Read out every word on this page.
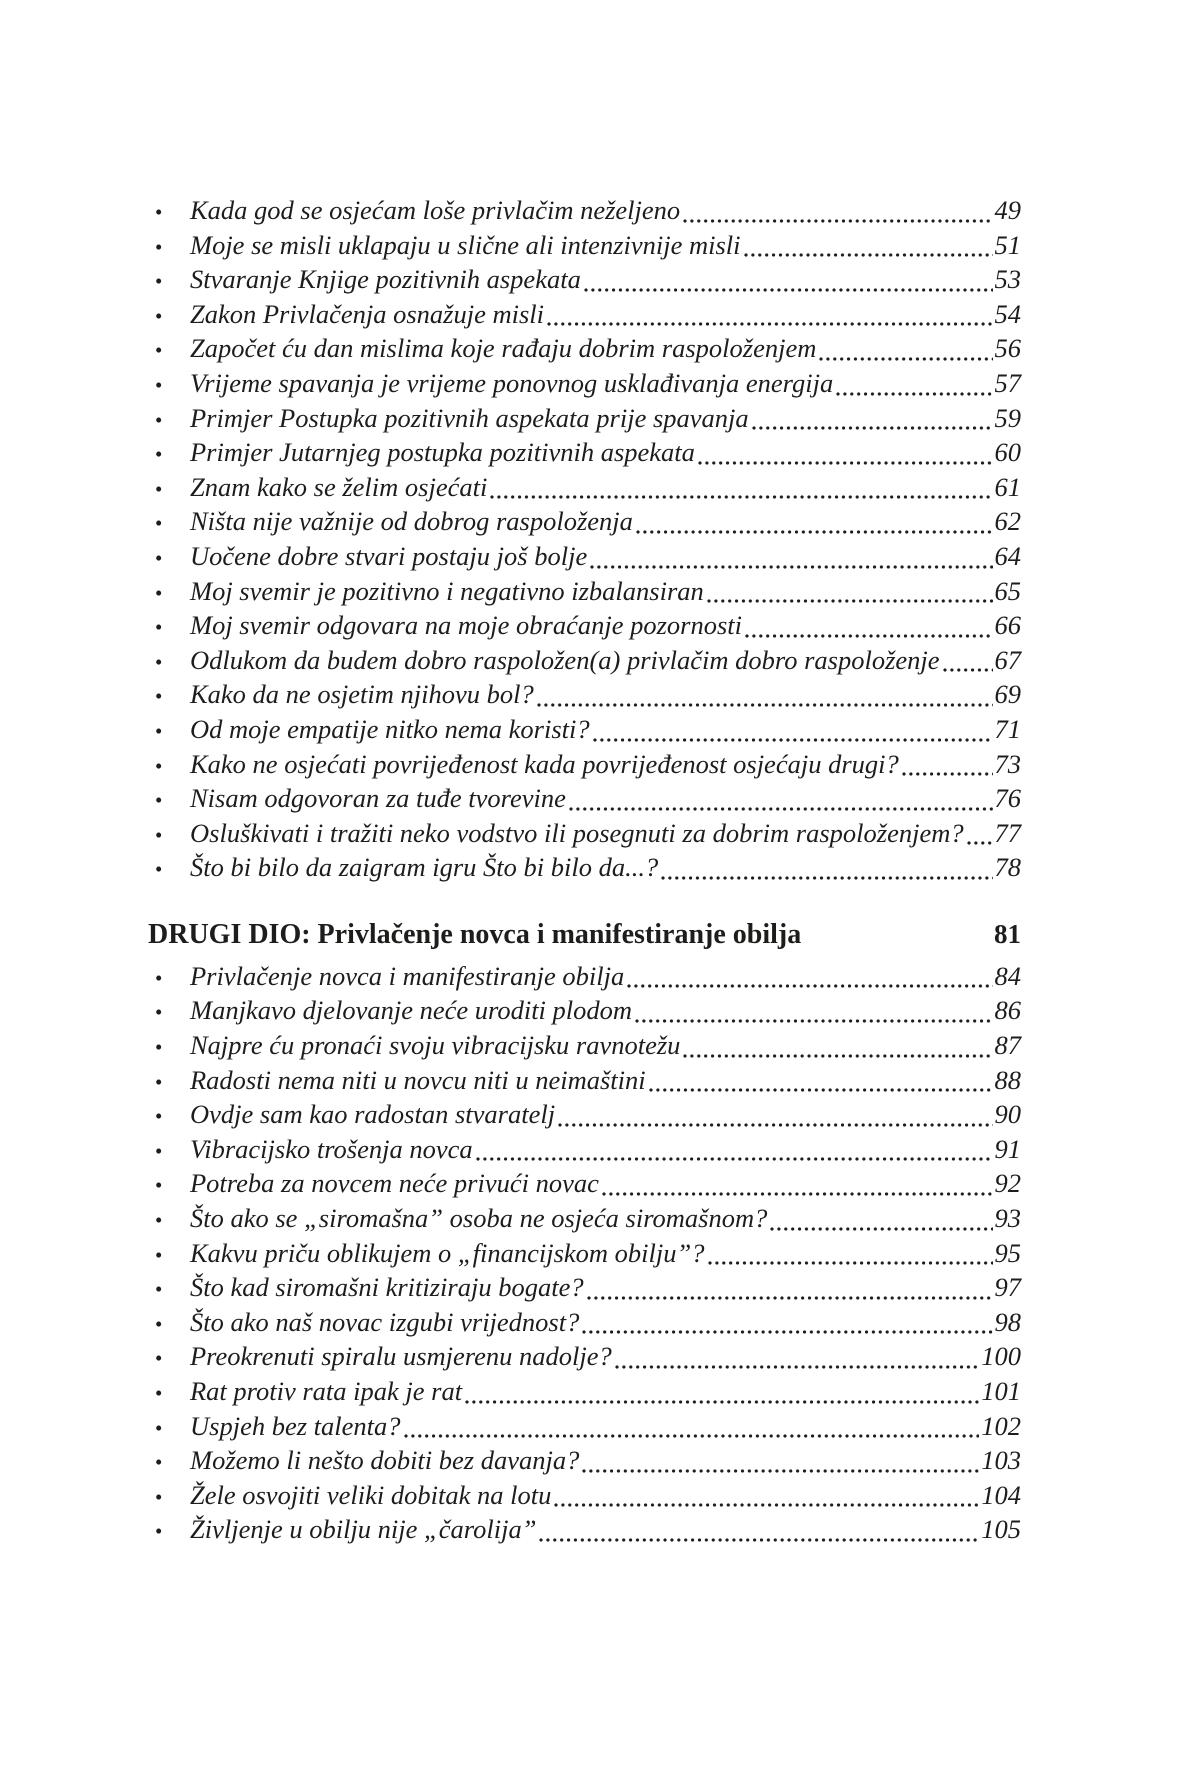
•	Kada god se osjećam loše privlačim neželjeno	49
•	Moje se misli uklapaju u slične ali intenzivnije misli	51
•	Stvaranje Knjige pozitivnih aspekata	53
•	Zakon Privlačenja osnažuje misli	54
•	Započet ću dan mislima koje rađaju dobrim raspoloženjem	56
•	Vrijeme spavanja je vrijeme ponovnog usklađivanja energija	57
•	Primjer Postupka pozitivnih aspekata prije spavanja	59
•	Primjer Jutarnjeg postupka pozitivnih aspekata	60
•	Znam kako se želim osjećati	61
•	Ništa nije važnije od dobrog raspoloženja	62
•	Uočene dobre stvari postaju još bolje	64
•	Moj svemir je pozitivno i negativno izbalansiran	65
•	Moj svemir odgovara na moje obraćanje pozornosti	66
•	Odlukom da budem dobro raspoložen(a) privlačim dobro raspoloženje 67
•	Kako da ne osjetim njihovu bol?	69
•	Od moje empatije nitko nema koristi?	71
•	Kako ne osjećati povrijeđenost kada povrijeđenost osjećaju drugi?	73
•	Nisam odgovoran za tuđe tvorevine	76
•	Osluškivati i tražiti neko vodstvo ili posegnuti za dobrim raspoloženjem? 77
•	Što bi bilo da zaigram igru Što bi bilo da...?	78
DRUGI DIO: Privlačenje novca i manifestiranje obilja	81
•	Privlačenje novca i manifestiranje obilja	84
•	Manjkavo djelovanje neće uroditi plodom	86
•	Najpre ću pronaći svoju vibracijsku ravnotežu	87
•	Radosti nema niti u novcu niti u neimaštini	88
•	Ovdje sam kao radostan stvaratelj	90
•	Vibracijsko trošenja novca	91
•	Potreba za novcem neće privući novac	92
•	Što ako se „siromašna” osoba ne osjeća siromašnom?	93
•	Kakvu priču oblikujem o „financijskom obilju”?	95
•	Što kad siromašni kritiziraju bogate?	97
•	Što ako naš novac izgubi vrijednost?	98
•	Preokrenuti spiralu usmjerenu nadolje?	100
•	Rat protiv rata ipak je rat	101
•	Uspjeh bez talenta?	102
•	Možemo li nešto dobiti bez davanja?	103
•	Žele osvojiti veliki dobitak na lotu	104
•	Življenje u obilju nije „čarolija”	105
